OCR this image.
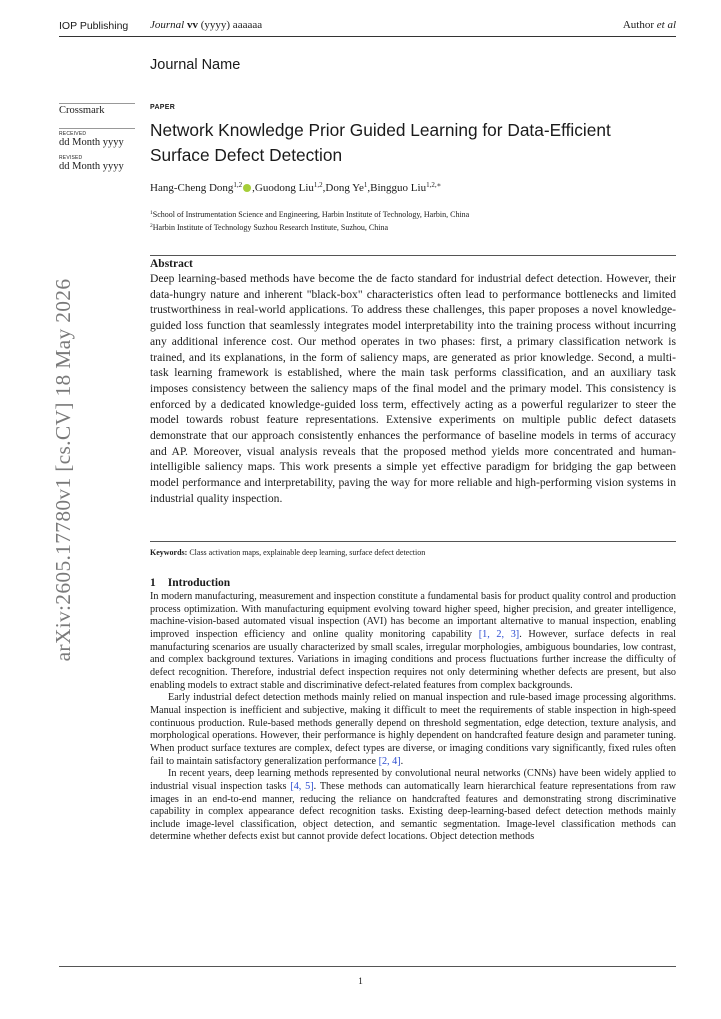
IOP Publishing Journal vv (yyyy) aaaaaa	Author et al
Journal Name
arXiv:2605.17780v1 [cs.CV] 18 May 2026
Crossmark
RECEIVED
dd Month yyyy
REVISED
dd Month yyyy
PAPER
Network Knowledge Prior Guided Learning for Data-Efficient Surface Defect Detection
Hang-Cheng Dong$^{1,2}$ ,Guodong Liu$^{1,2}$,Dong Ye$^1$,Bingguo Liu$^{1,2,∗}$
$^1$School of Instrumentation Science and Engineering, Harbin Institute of Technology, Harbin, China
$^2$Harbin Institute of Technology Suzhou Research Institute, Suzhou, China
Abstract
Deep learning-based methods have become the de facto standard for industrial defect detection. However, their data-hungry nature and inherent "black-box" characteristics often lead to performance bottlenecks and limited trustworthiness in real-world applications. To address these challenges, this paper proposes a novel knowledge-guided loss function that seamlessly integrates model interpretability into the training process without incurring any additional inference cost. Our method operates in two phases: first, a primary classification network is trained, and its explanations, in the form of saliency maps, are generated as prior knowledge. Second, a multi-task learning framework is established, where the main task performs classification, and an auxiliary task imposes consistency between the saliency maps of the final model and the primary model. This consistency is enforced by a dedicated knowledge-guided loss term, effectively acting as a powerful regularizer to steer the model towards robust feature representations. Extensive experiments on multiple public defect datasets demonstrate that our approach consistently enhances the performance of baseline models in terms of accuracy and AP. Moreover, visual analysis reveals that the proposed method yields more concentrated and human-intelligible saliency maps. This work presents a simple yet effective paradigm for bridging the gap between model performance and interpretability, paving the way for more reliable and high-performing vision systems in industrial quality inspection.
Keywords: Class activation maps, explainable deep learning, surface defect detection
1 Introduction

In modern manufacturing, measurement and inspection constitute a fundamental basis for product quality control and production process optimization. With manufacturing equipment evolving toward higher speed, higher precision, and greater intelligence, machine-vision-based automated visual inspection (AVI) has become an important alternative to manual inspection, enabling improved inspection efficiency and online quality monitoring capability [1, 2, 3]. However, surface defects in real manufacturing scenarios are usually characterized by small scales, irregular morphologies, ambiguous boundaries, low contrast, and complex background textures. Variations in imaging conditions and process fluctuations further increase the difficulty of defect recognition. Therefore, industrial defect inspection requires not only determining whether defects are present, but also enabling models to extract stable and discriminative defect-related features from complex backgrounds.

Early industrial defect detection methods mainly relied on manual inspection and rule-based image processing algorithms. Manual inspection is inefficient and subjective, making it difficult to meet the requirements of stable inspection in high-speed continuous production. Rule-based methods generally depend on threshold segmentation, edge detection, texture analysis, and morphological operations. However, their performance is highly dependent on handcrafted feature design and parameter tuning. When product surface textures are complex, defect types are diverse, or imaging conditions vary significantly, fixed rules often fail to maintain satisfactory generalization performance [2, 4].

In recent years, deep learning methods represented by convolutional neural networks (CNNs) have been widely applied to industrial visual inspection tasks [4, 5]. These methods can automatically learn hierarchical feature representations from raw images in an end-to-end manner, reducing the reliance on handcrafted features and demonstrating strong discriminative capability in complex appearance defect recognition tasks. Existing deep-learning-based defect detection methods mainly include image-level classification, object detection, and semantic segmentation. Image-level classification methods can determine whether defects exist but cannot provide defect locations. Object detection methods

1
